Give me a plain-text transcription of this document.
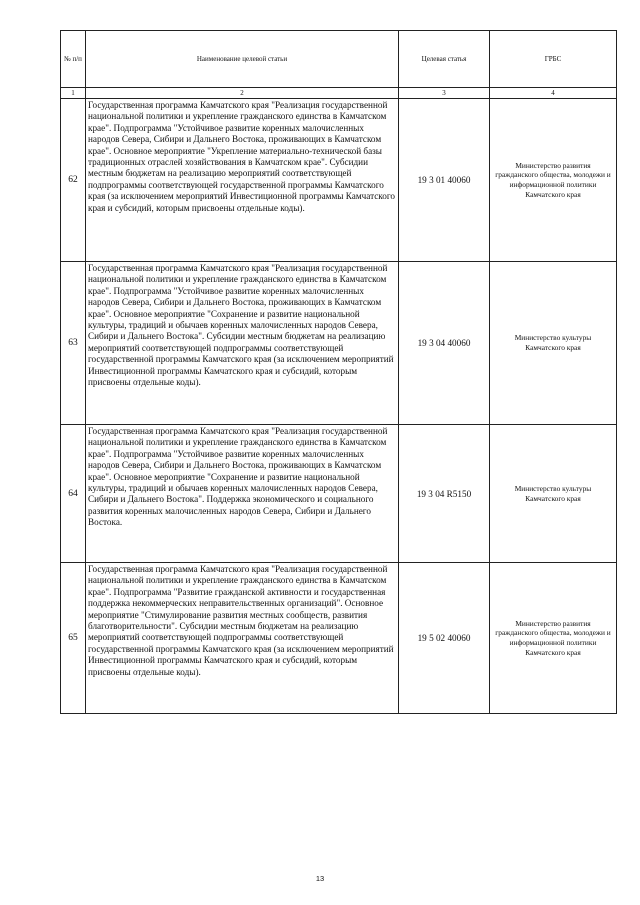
№ п/п	Наименование целевой статьи	Целевая статья	ГРБС
1	2	3	4
62	Государственная программа Камчатского края "Реализация государственной национальной политики и укрепление гражданского единства в Камчатском крае". Подпрограмма "Устойчивое развитие коренных малочисленных народов Севера, Сибири и Дальнего Востока, проживающих в Камчатском крае". Основное мероприятие "Укрепление материально-технической базы традиционных отраслей хозяйствования в Камчатском крае". Субсидии местным бюджетам на реализацию мероприятий соответствующей подпрограммы соответствующей государственной программы Камчатского края (за исключением мероприятий Инвестиционной программы Камчатского края и субсидий, которым присвоены отдельные коды).	19 3 01 40060	Министерство развития гражданского общества, молодежи и информационной политики Камчатского края
63	Государственная программа Камчатского края "Реализация государственной национальной политики и укрепление гражданского единства в Камчатском крае". Подпрограмма "Устойчивое развитие коренных малочисленных народов Севера, Сибири и Дальнего Востока, проживающих в Камчатском крае". Основное мероприятие "Сохранение и развитие национальной культуры, традиций и обычаев коренных малочисленных народов Севера, Сибири и Дальнего Востока". Субсидии местным бюджетам на реализацию мероприятий соответствующей подпрограммы соответствующей государственной программы Камчатского края (за исключением мероприятий Инвестиционной программы Камчатского края и субсидий, которым присвоены отдельные коды).	19 3 04 40060	Министерство культуры Камчатского края
64	Государственная программа Камчатского края "Реализация государственной национальной политики и укрепление гражданского единства в Камчатском крае". Подпрограмма "Устойчивое развитие коренных малочисленных народов Севера, Сибири и Дальнего Востока, проживающих в Камчатском крае". Основное мероприятие "Сохранение и развитие национальной культуры, традиций и обычаев коренных малочисленных народов Севера, Сибири и Дальнего Востока". Поддержка экономического и социального развития коренных малочисленных народов Севера, Сибири и Дальнего Востока.	19 3 04 R5150	Министерство культуры Камчатского края
65	Государственная программа Камчатского края "Реализация государственной национальной политики и укрепление гражданского единства в Камчатском крае". Подпрограмма "Развитие гражданской активности и государственная поддержка некоммерческих неправительственных организаций". Основное мероприятие "Стимулирование развития местных сообществ, развития благотворительности". Субсидии местным бюджетам на реализацию мероприятий соответствующей подпрограммы соответствующей государственной программы Камчатского края (за исключением мероприятий Инвестиционной программы Камчатского края и субсидий, которым присвоены отдельные коды).	19 5 02 40060	Министерство развития гражданского общества, молодежи и информационной политики Камчатского края
13
